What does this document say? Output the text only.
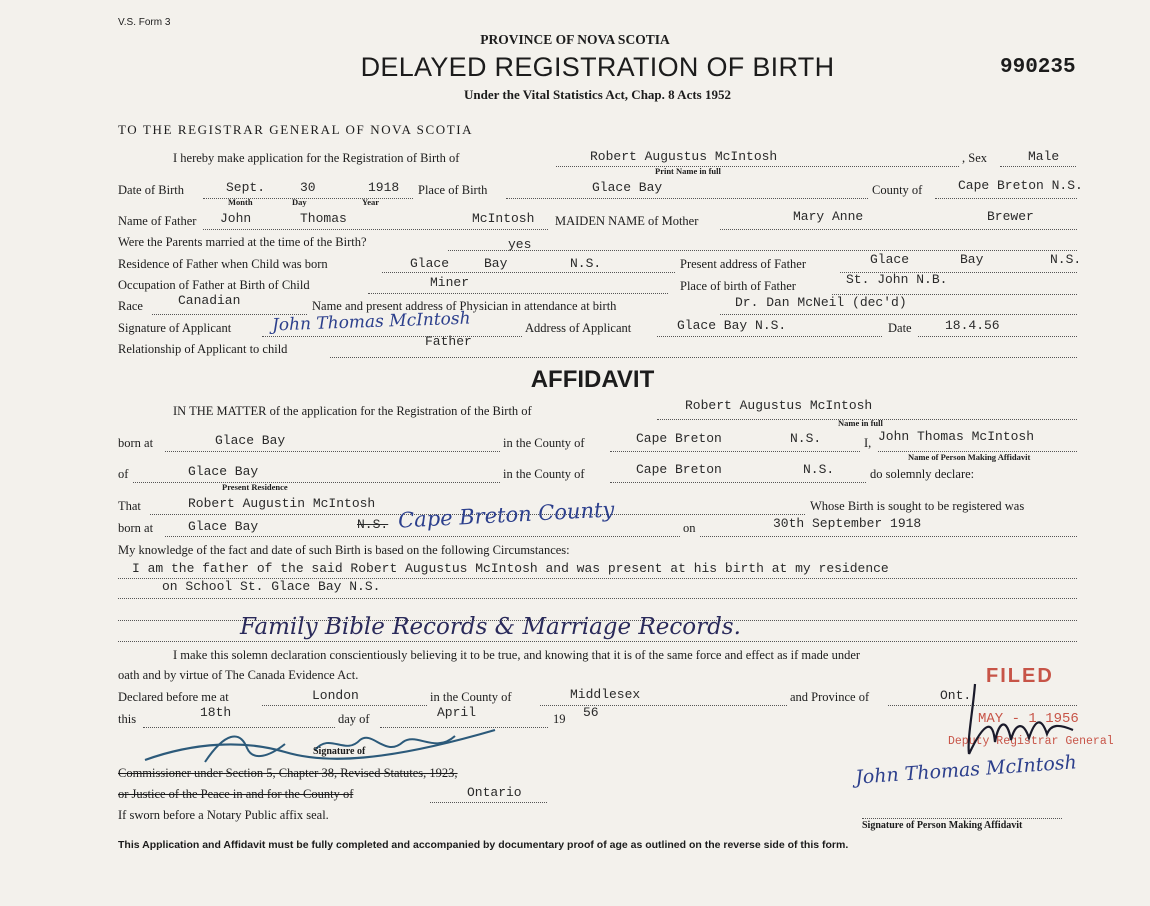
V.S. Form 3
PROVINCE OF NOVA SCOTIA
DELAYED REGISTRATION OF BIRTH
Under the Vital Statistics Act, Chap. 8 Acts 1952
990235
TO THE REGISTRAR GENERAL OF NOVA SCOTIA
I hereby make application for the Registration of Birth of	Robert Augustus McIntosh
Print Name in full
, Sex	Male
Date of Birth	Sept.	30	1918
Month	Day	Year
Place of Birth	Glace Bay	County of	Cape Breton N.S.
Name of Father John	Thomas	McIntosh MAIDEN NAME of Mother	Mary Anne	Brewer
Were the Parents married at the time of the Birth?	yes
Residence of Father when Child was born	Glace	Bay	N.S.	Present address of Father	Glace	Bay	N.S.
Occupation of Father at Birth of Child	Miner	Place of birth of Father	St. John N.B.
Race	Canadian	Name and present address of Physician in attendance at birth	Dr. Dan McNeil (dec'd)
Signature of Applicant John Thomas McIntosh	Address of Applicant	Glace Bay N.S.	Date	18.4.56
Relationship of Applicant to child	Father
AFFIDAVIT
IN THE MATTER of the application for the Registration of the Birth of	Robert Augustus McIntosh
Name in full
born at	Glace Bay	in the County of	Cape Breton	N.S.	I, John Thomas McIntosh
Name of Person Making Affidavit
of	Glace Bay
Present Residence
in the County of	Cape Breton	N.S.	do solemnly declare:
That	Robert Augustin McIntosh	Whose Birth is sought to be registered was
born at	Glace Bay	N.S. Cape Breton County	on	30th September 1918
My knowledge of the fact and date of such Birth is based on the following Circumstances:
I am the father of the said Robert Augustus McIntosh and was present at his birth at my residence
on School St. Glace Bay N.S.
Family Bible Records & Marriage Records.
I make this solemn declaration conscientiously believing it to be true, and knowing that it is of the same force and effect as if made under
oath and by virtue of The Canada Evidence Act.
Declared before me at	London	in the County of	Middlesex	and Province of	Ont.
this	18th	day of	April	19 56
Signature of
Commissioner under Section 5, Chapter 38, Revised Statutes, 1923,
or Justice of the Peace in and for the County of	Ontario
If sworn before a Notary Public affix seal.
FILED
MAY - 1 1956
Deputy Registrar General
John Thomas McIntosh
Signature of Person Making Affidavit
This Application and Affidavit must be fully completed and accompanied by documentary proof of age as outlined on the reverse side of this form.
